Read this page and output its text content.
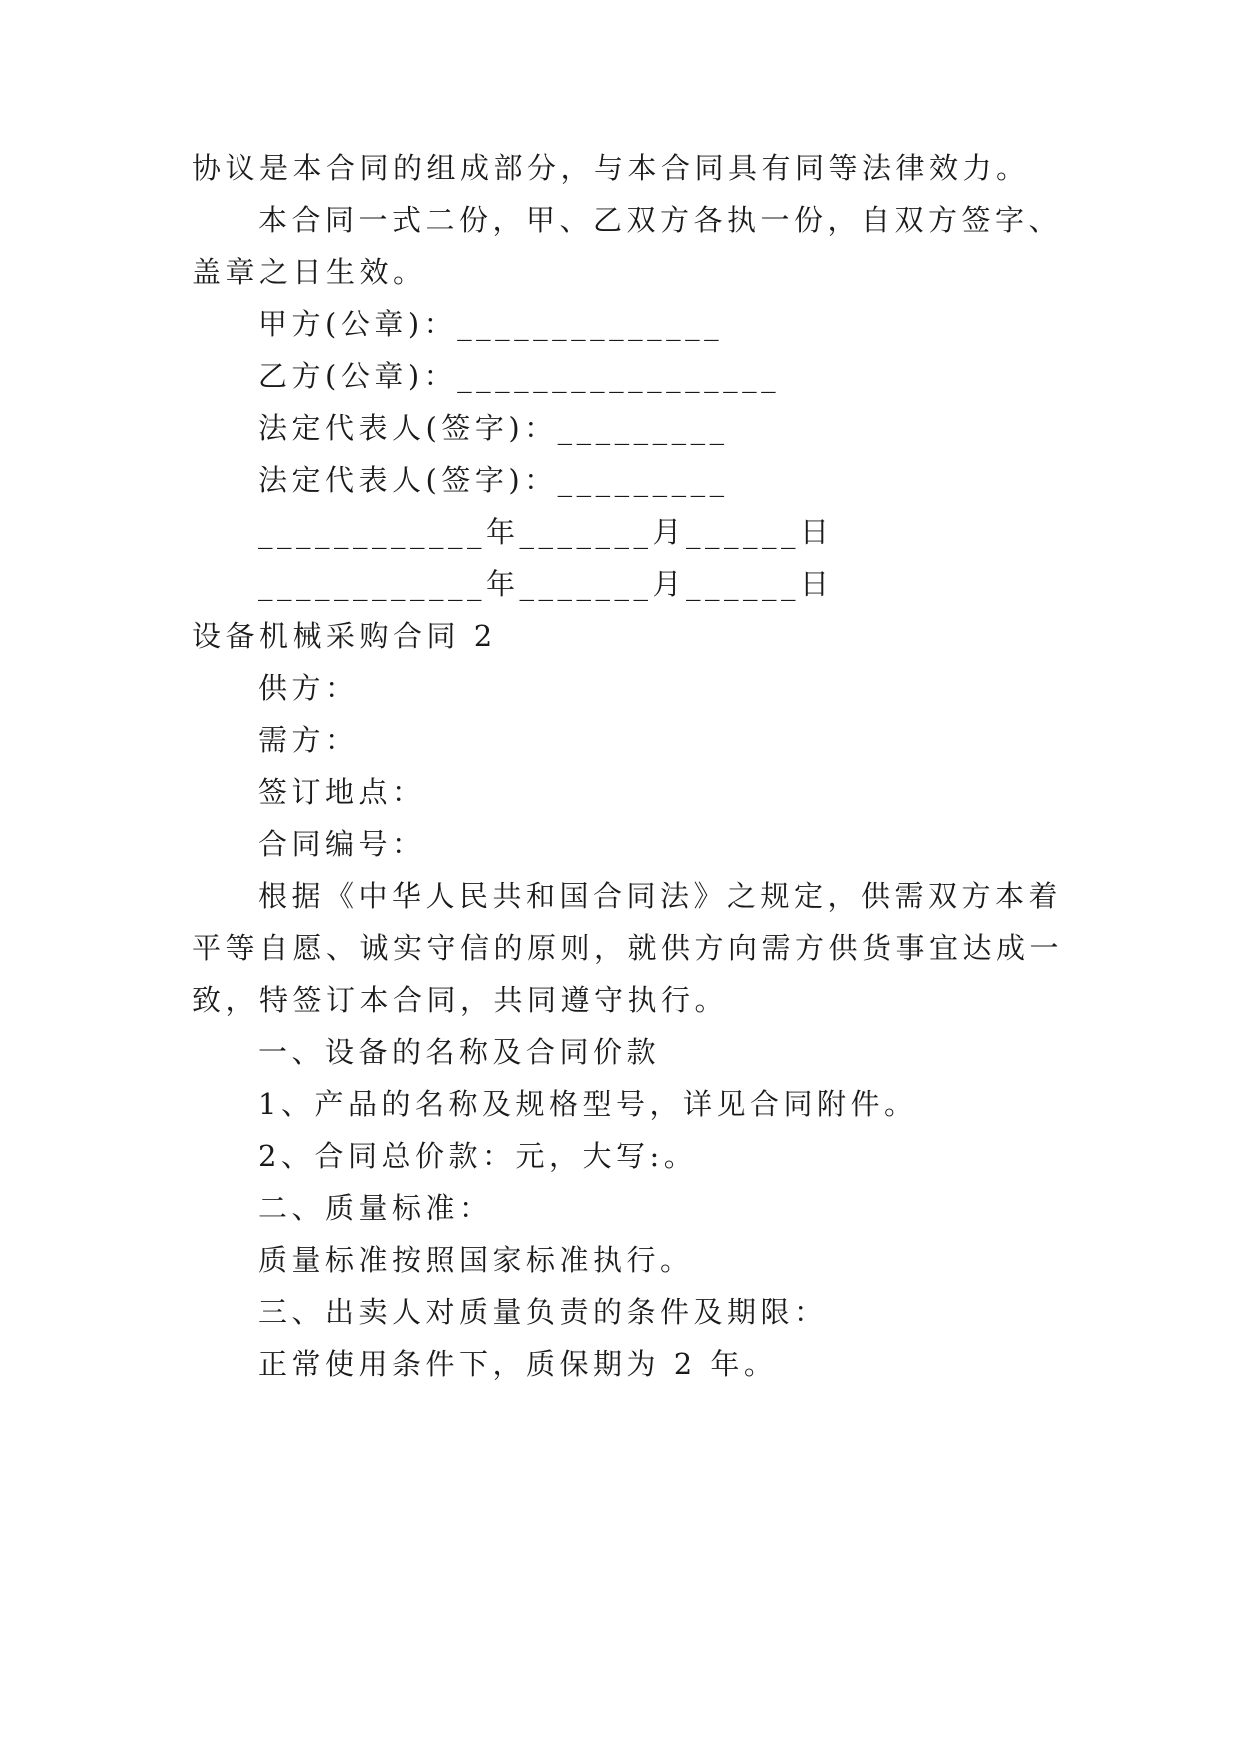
协议是本合同的组成部分，与本合同具有同等法律效力。
本合同一式二份，甲、乙双方各执一份，自双方签字、
盖章之日生效。
甲方(公章)：______________
乙方(公章)：_________________
法定代表人(签字)：_________
法定代表人(签字)：_________
____________年_______月______日
____________年_______月______日
设备机械采购合同 2
供方：
需方：
签订地点：
合同编号：
根据《中华人民共和国合同法》之规定，供需双方本着
平等自愿、诚实守信的原则，就供方向需方供货事宜达成一
致，特签订本合同，共同遵守执行。
一、设备的名称及合同价款
1、产品的名称及规格型号，详见合同附件。
2、合同总价款：元，大写:。
二、质量标准：
质量标准按照国家标准执行。
三、出卖人对质量负责的条件及期限：
正常使用条件下，质保期为 2 年。
